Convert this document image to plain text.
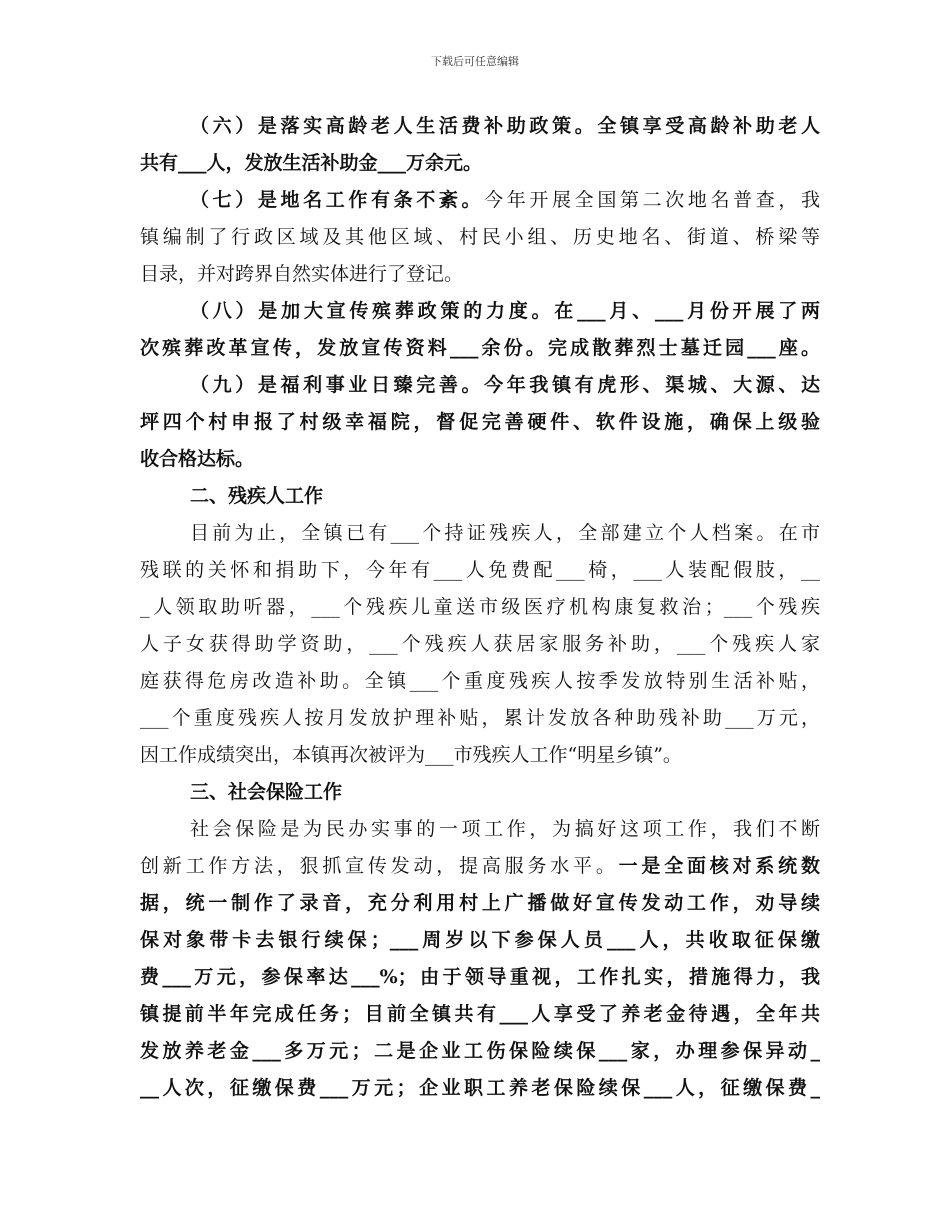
下载后可任意编辑
（六）是落实高龄老人生活费补助政策。全镇享受高龄补助老人
共有___人，发放生活补助金___万余元。
（七）是地名工作有条不紊。今年开展全国第二次地名普查，我
镇编制了行政区域及其他区域、村民小组、历史地名、街道、桥梁等
目录，并对跨界自然实体进行了登记。
（八）是加大宣传殡葬政策的力度。在___月、___月份开展了两
次殡葬改革宣传，发放宣传资料___余份。完成散葬烈士墓迁园___座。
（九）是福利事业日臻完善。今年我镇有虎形、渠城、大源、达
坪四个村申报了村级幸福院，督促完善硬件、软件设施，确保上级验
收合格达标。
二、残疾人工作
目前为止，全镇已有___个持证残疾人，全部建立个人档案。在市
残联的关怀和捐助下，今年有___人免费配___椅，___人装配假肢，__
_人领取助听器，___个残疾儿童送市级医疗机构康复救治；___个残疾
人子女获得助学资助，___个残疾人获居家服务补助，___个残疾人家
庭获得危房改造补助。全镇___个重度残疾人按季发放特别生活补贴，
___个重度残疾人按月发放护理补贴，累计发放各种助残补助___万元，
因工作成绩突出，本镇再次被评为___市残疾人工作“明星乡镇”。
三、社会保险工作
社会保险是为民办实事的一项工作，为搞好这项工作，我们不断
创新工作方法，狠抓宣传发动，提高服务水平。一是全面核对系统数
据，统一制作了录音，充分利用村上广播做好宣传发动工作，劝导续
保对象带卡去银行续保；___周岁以下参保人员___人，共收取征保缴
费___万元，参保率达___%；由于领导重视，工作扎实，措施得力，我
镇提前半年完成任务；目前全镇共有___人享受了养老金待遇，全年共
发放养老金___多万元；二是企业工伤保险续保___家，办理参保异动_
__人次，征缴保费___万元；企业职工养老保险续保___人，征缴保费_
